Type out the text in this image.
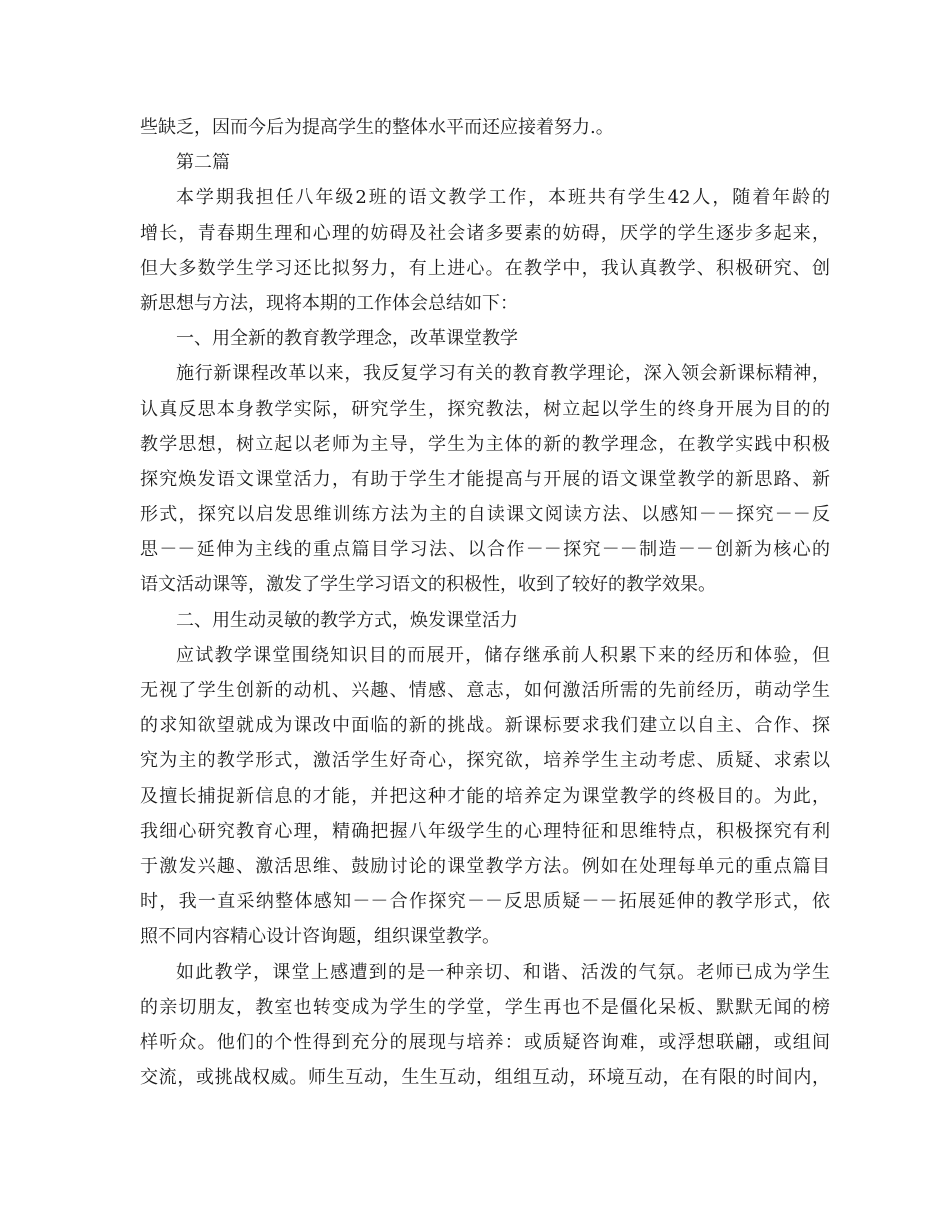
些缺乏，因而今后为提高学生的整体水平而还应接着努力.。
第二篇
本学期我担任八年级2班的语文教学工作，本班共有学生42人，随着年龄的
增长，青春期生理和心理的妨碍及社会诸多要素的妨碍，厌学的学生逐步多起来，
但大多数学生学习还比拟努力，有上进心。在教学中，我认真教学、积极研究、创
新思想与方法，现将本期的工作体会总结如下：
一、用全新的教育教学理念，改革课堂教学
施行新课程改革以来，我反复学习有关的教育教学理论，深入领会新课标精神，
认真反思本身教学实际，研究学生，探究教法，树立起以学生的终身开展为目的的
教学思想，树立起以老师为主导，学生为主体的新的教学理念，在教学实践中积极
探究焕发语文课堂活力，有助于学生才能提高与开展的语文课堂教学的新思路、新
形式，探究以启发思维训练方法为主的自读课文阅读方法、以感知－－探究－－反
思－－延伸为主线的重点篇目学习法、以合作－－探究－－制造－－创新为核心的
语文活动课等，激发了学生学习语文的积极性，收到了较好的教学效果。
二、用生动灵敏的教学方式，焕发课堂活力
应试教学课堂围绕知识目的而展开，储存继承前人积累下来的经历和体验，但
无视了学生创新的动机、兴趣、情感、意志，如何激活所需的先前经历，萌动学生
的求知欲望就成为课改中面临的新的挑战。新课标要求我们建立以自主、合作、探
究为主的教学形式，激活学生好奇心，探究欲，培养学生主动考虑、质疑、求索以
及擅长捕捉新信息的才能，并把这种才能的培养定为课堂教学的终极目的。为此，
我细心研究教育心理，精确把握八年级学生的心理特征和思维特点，积极探究有利
于激发兴趣、激活思维、鼓励讨论的课堂教学方法。例如在处理每单元的重点篇目
时，我一直采纳整体感知－－合作探究－－反思质疑－－拓展延伸的教学形式，依
照不同内容精心设计咨询题，组织课堂教学。
如此教学，课堂上感遭到的是一种亲切、和谐、活泼的气氛。老师已成为学生
的亲切朋友，教室也转变成为学生的学堂，学生再也不是僵化呆板、默默无闻的榜
样听众。他们的个性得到充分的展现与培养：或质疑咨询难，或浮想联翩，或组间
交流，或挑战权威。师生互动，生生互动，组组互动，环境互动，在有限的时间内，
